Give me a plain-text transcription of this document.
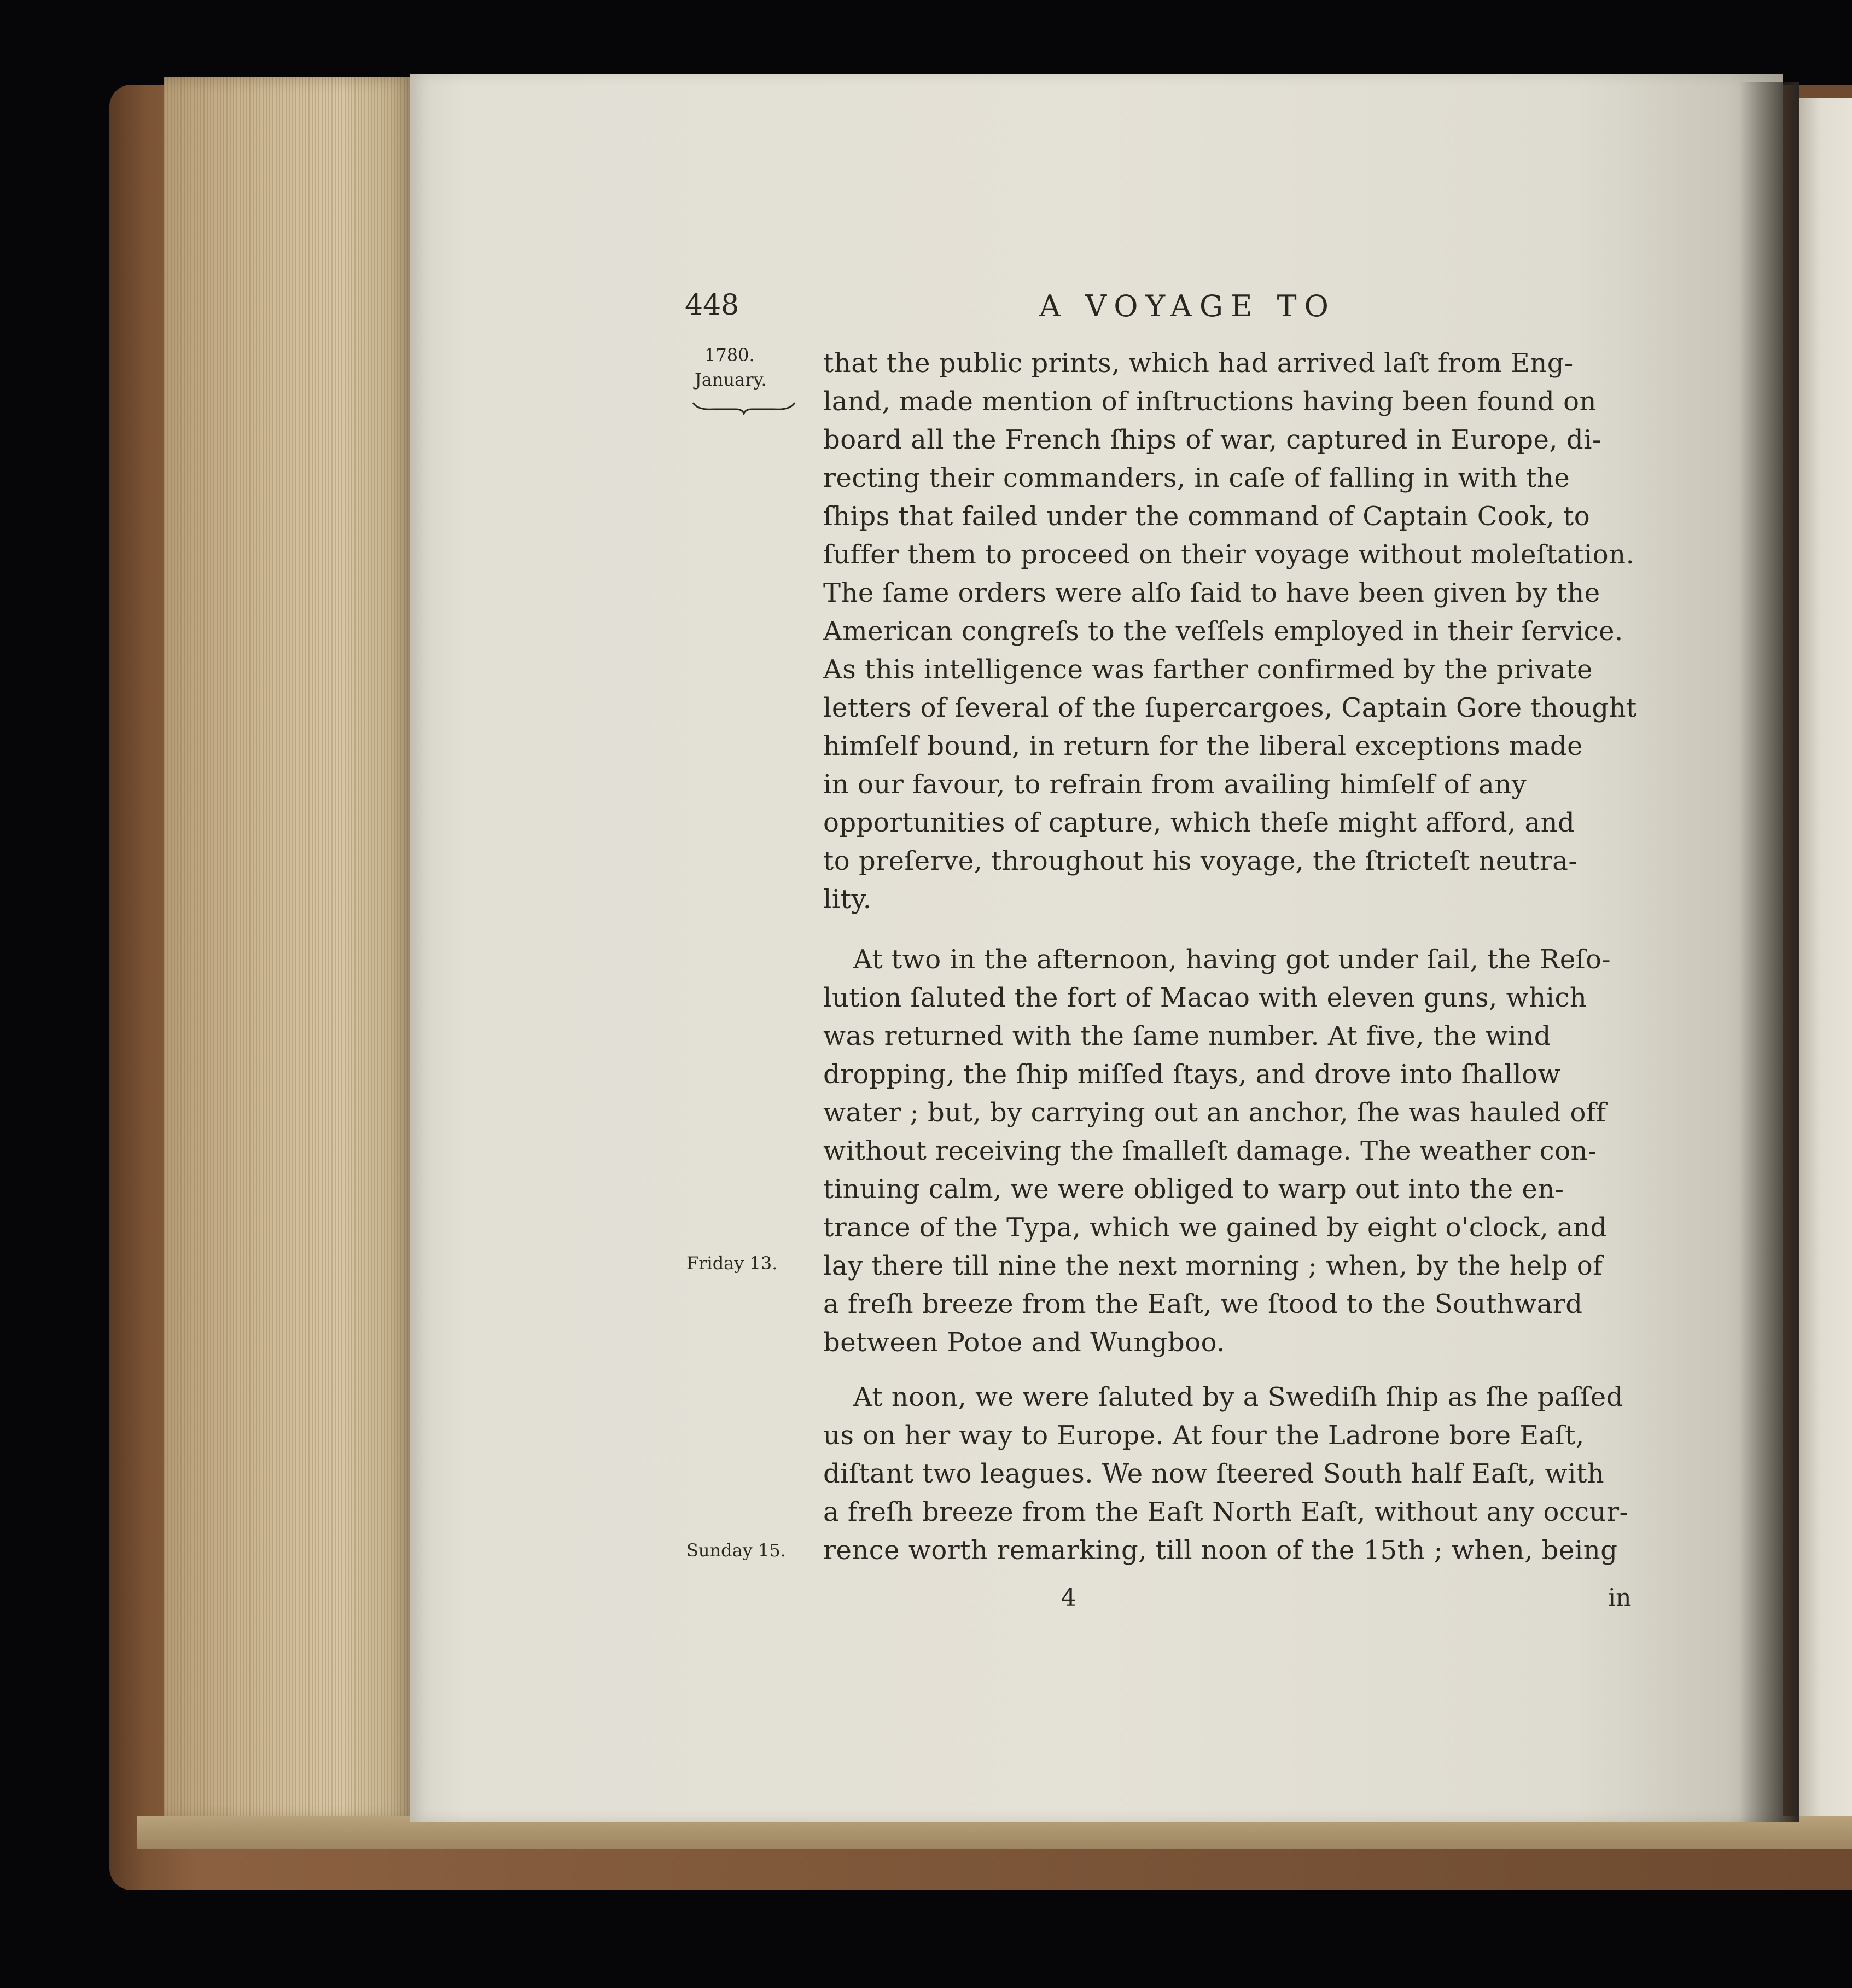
448	A VOYAGE TO
1780.
January.
Friday 13.
Sunday 15.
that the public prints, which had arrived laſt from Eng-
land, made mention of inſtructions having been found on
board all the French ſhips of war, captured in Europe, di-
recting their commanders, in caſe of falling in with the
ſhips that failed under the command of Captain Cook, to
ſuffer them to proceed on their voyage without moleſtation.
The ſame orders were alſo ſaid to have been given by the
American congreſs to the veſſels employed in their ſervice.
As this intelligence was farther confirmed by the private
letters of ſeveral of the ſupercargoes, Captain Gore thought
himſelf bound, in return for the liberal exceptions made
in our favour, to refrain from availing himſelf of any
opportunities of capture, which theſe might afford, and
to preſerve, throughout his voyage, the ſtricteſt neutra-
lity.
At two in the afternoon, having got under ſail, the Reſo-
lution ſaluted the fort of Macao with eleven guns, which
was returned with the ſame number. At five, the wind
dropping, the ſhip miſſed ſtays, and drove into ſhallow
water ; but, by carrying out an anchor, ſhe was hauled off
without receiving the ſmalleſt damage. The weather con-
tinuing calm, we were obliged to warp out into the en-
trance of the Typa, which we gained by eight o'clock, and
lay there till nine the next morning ; when, by the help of
a freſh breeze from the Eaſt, we ſtood to the Southward
between Potoe and Wungboo.
At noon, we were ſaluted by a Swediſh ſhip as ſhe paſſed
us on her way to Europe. At four the Ladrone bore Eaſt,
diſtant two leagues. We now ſteered South half Eaſt, with
a freſh breeze from the Eaſt North Eaſt, without any occur-
rence worth remarking, till noon of the 15th ; when, being
4	in
